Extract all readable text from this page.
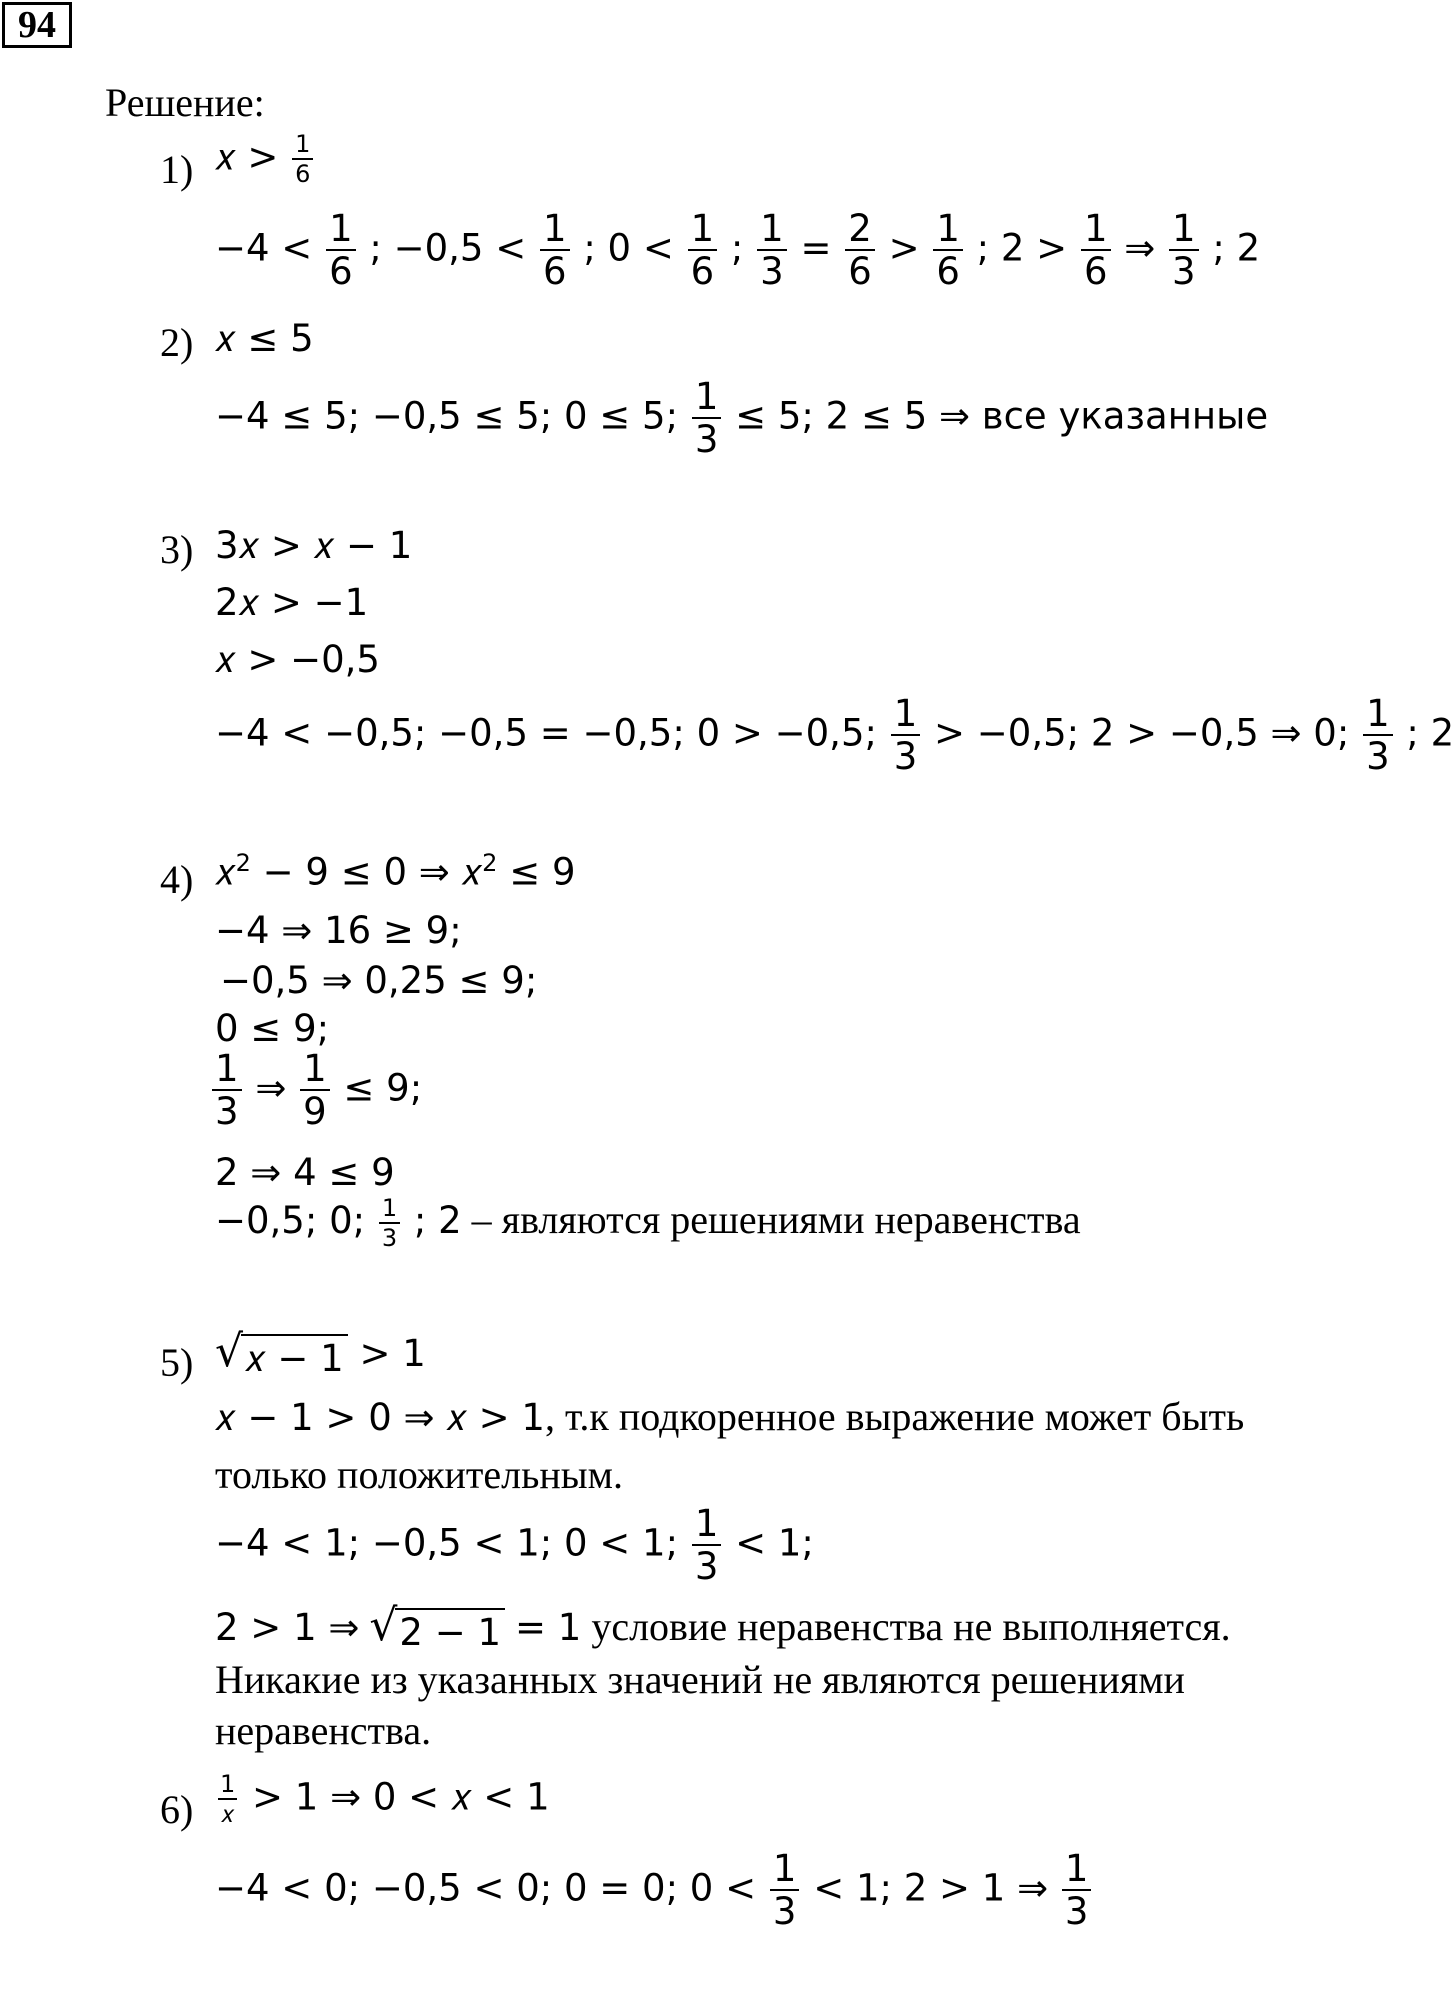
94
Решение:
1) 𝑥 > $\frac{1}{6}$
$-4 < \frac{1}{6}$ ; $-0,5 < \frac{1}{6}$ ; $0 < \frac{1}{6}$ ; $\frac{1}{3} = \frac{2}{6} > \frac{1}{6}$ ; $2 > \frac{1}{6}$ ⇒ $\frac{1}{3}$ ; 2
2) 𝑥 ≤ 5
−4 ≤ 5; −0,5 ≤ 5; 0 ≤ 5; $\frac{1}{3} \le 5$; 2 ≤ 5 ⇒ все указанные
3) 3𝑥 > 𝑥 − 1
2𝑥 > −1
𝑥 > −0,5
−4 < −0,5; −0,5 = −0,5; 0 > −0,5; $\frac{1}{3} > -0,5$; 2 > −0,5 ⇒ 0; $\frac{1}{3}$ ; 2
4) 𝑥$^2$ − 9 ≤ 0 ⇒ 𝑥$^2$ ≤ 9
−4 ⇒ 16 ≥ 9;
−0,5 ⇒ 0,25 ≤ 9;
0 ≤ 9;
$\frac{1}{3}$ ⇒ $\frac{1}{9} \le 9$;
2 ⇒ 4 ≤ 9
−0,5; 0; $\frac{1}{3}$ ; 2 – являются решениями неравенства
5) √ 𝑥 − 1 > 1
𝑥 − 1 > 0 ⇒ 𝑥 > 1, т.к подкоренное выражение может быть
только положительным.
−4 < 1; −0,5 < 1; 0 < 1; $\frac{1}{3} < 1$;
2 > 1 ⇒ √ 2 − 1 = 1 условие неравенства не выполняется.
Никакие из указанных значений не являются решениями
неравенства.
$6) \frac{1}{\text{𝑥}} > 1$ ⇒ 0 < 𝑥 < 1
−4 < 0; −0,5 < 0; 0 = 0; $0 < \frac{1}{3} < 1$; 2 > 1 ⇒ $\frac{1}{3}$
